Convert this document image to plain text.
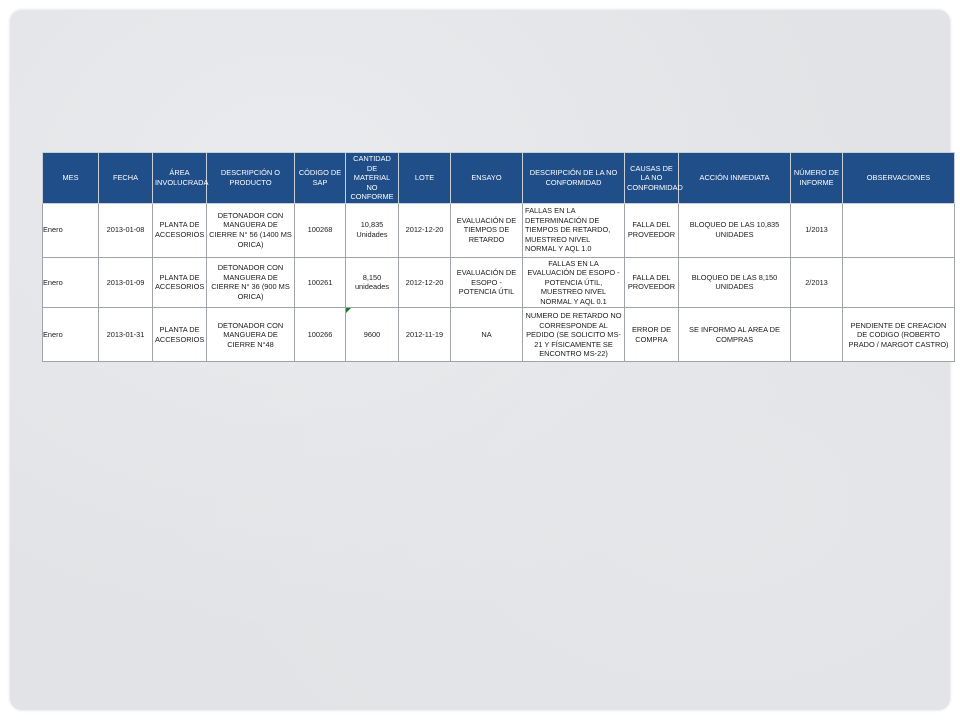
MES	FECHA	ÁREA INVOLUCRADA	DESCRIPCIÓN O PRODUCTO	CÓDIGO DE SAP	CANTIDAD DE MATERIAL NO CONFORME	LOTE	ENSAYO	DESCRIPCIÓN DE LA NO CONFORMIDAD	CAUSAS DE LA NO CONFORMIDAD	ACCIÓN INMEDIATA	NÚMERO DE INFORME	OBSERVACIONES
Enero	2013-01-08	PLANTA DE ACCESORIOS	DETONADOR CON MANGUERA DE CIERRE N° 56 (1400 MS ORICA)	100268	10,835 Unidades	2012-12-20	EVALUACIÓN DE TIEMPOS DE RETARDO	FALLAS EN LA DETERMINACIÓN DE TIEMPOS DE RETARDO, MUESTREO NIVEL NORMAL Y AQL 1.0	FALLA DEL PROVEEDOR	BLOQUEO DE LAS 10,835 UNIDADES	1/2013	
Enero	2013-01-09	PLANTA DE ACCESORIOS	DETONADOR CON MANGUERA DE CIERRE N° 36 (900 MS ORICA)	100261	8,150 unideades	2012-12-20	EVALUACIÓN DE ESOPO - POTENCIA ÚTIL	FALLAS EN LA EVALUACIÓN DE ESOPO - POTENCIA ÚTIL, MUESTREO NIVEL NORMAL Y AQL 0.1	FALLA DEL PROVEEDOR	BLOQUEO DE LAS 8,150 UNIDADES	2/2013	
Enero	2013-01-31	PLANTA DE ACCESORIOS	DETONADOR CON MANGUERA DE CIERRE N°48	100266	9600	2012-11-19	NA	NUMERO DE RETARDO NO CORRESPONDE AL PEDIDO (SE SOLICITO MS-21 Y FÍSICAMENTE SE ENCONTRO MS-22)	ERROR DE COMPRA	SE INFORMO AL AREA DE COMPRAS		PENDIENTE DE CREACION DE CODIGO (ROBERTO PRADO / MARGOT CASTRO)
